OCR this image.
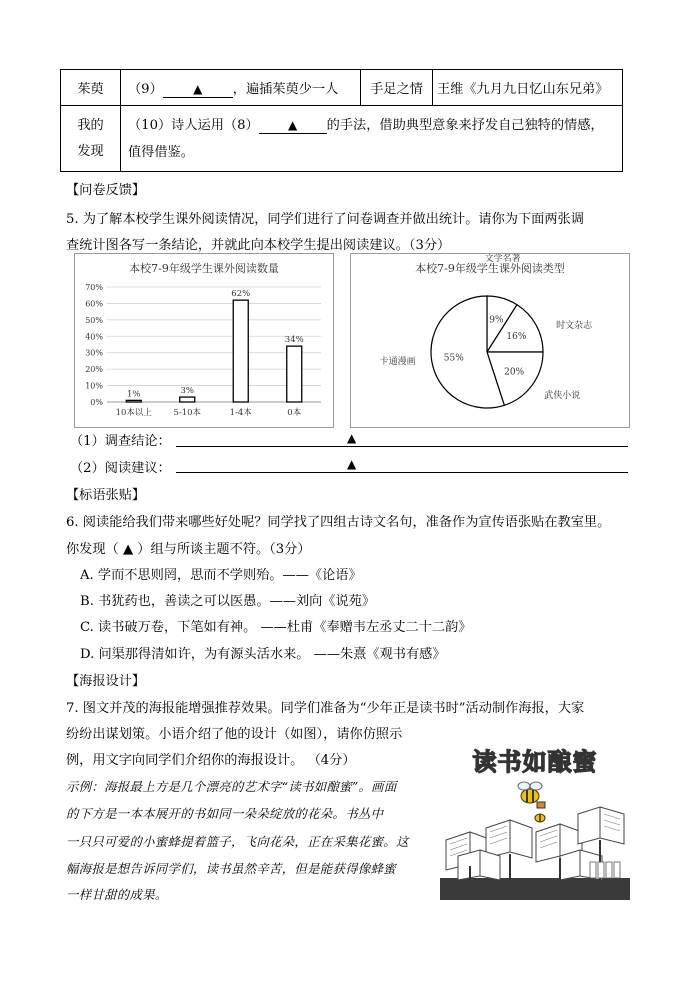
茱萸	（9） ▲ ，遍插茱萸少一人	手足之情	王维《九月九日忆山东兄弟》
我的
发现	（10）诗人运用（8） ▲ 的手法，借助典型意象来抒发自己独特的情感，
值得借鉴。		
【问卷反馈】
5. 为了解本校学生课外阅读情况，同学们进行了问卷调查并做出统计。请你为下面两张调
查统计图各写一条结论，并就此向本校学生提出阅读建议。（3分）
本校7-9年级学生课外阅读数量
0%
10%
20%
30%
40%
50%
60%
70%
1%
10本以上
3%
5-10本
62%
1-4本
34%
0本
本校7-9年级学生课外阅读类型
9%
文学名著
16%
时文杂志
20%
武侠小说
55%
卡通漫画
（1）调查结论：	▲
（2）阅读建议：	▲
【标语张贴】
6. 阅读能给我们带来哪些好处呢？同学找了四组古诗文名句，准备作为宣传语张贴在教室里。
你发现（ ▲ ）组与所谈主题不符。（3分）
A. 学而不思则罔，思而不学则殆。——《论语》
B. 书犹药也，善读之可以医愚。——刘向《说苑》
C. 读书破万卷，下笔如有神。 ——杜甫《奉赠韦左丞丈二十二韵》
D. 问渠那得清如许，为有源头活水来。 ——朱熹《观书有感》
【海报设计】
7. 图文并茂的海报能增强推荐效果。同学们准备为“少年正是读书时”活动制作海报，大家
纷纷出谋划策。小语介绍了他的设计（如图），请你仿照示
例，用文字向同学们介绍你的海报设计。 （4分）
示例：海报最上方是几个漂亮的艺术字“读书如酿蜜”。画面
的下方是一本本展开的书如同一朵朵绽放的花朵。书丛中
一只只可爱的小蜜蜂提着篮子，飞向花朵，正在采集花蜜。这
幅海报是想告诉同学们，读书虽然辛苦，但是能获得像蜂蜜
一样甘甜的成果。
读书如酿蜜
